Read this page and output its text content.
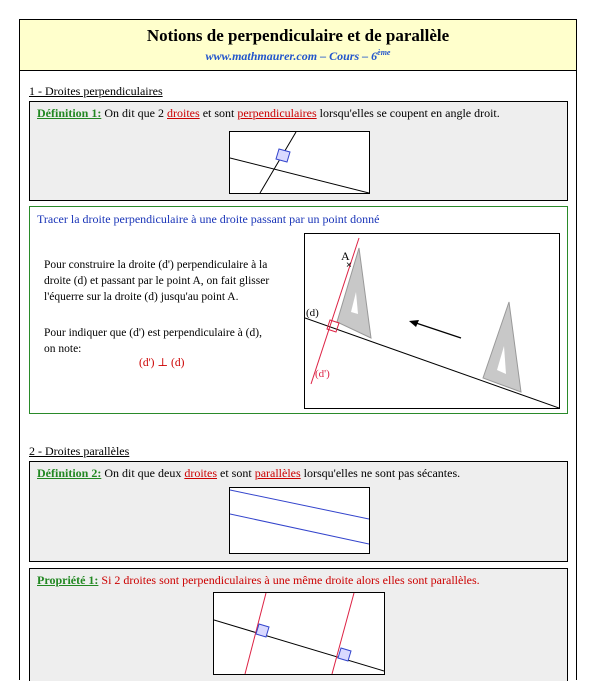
Notions de perpendiculaire et de parallèle
www.mathmaurer.com – Cours – 6ème
1 - Droites perpendiculaires
Définition 1: On dit que 2 droites et sont perpendiculaires lorsqu'elles se coupent en angle droit.
Tracer la droite perpendiculaire à une droite passant par un point donné
Pour construire la droite (d') perpendiculaire à la
droite (d) et passant par le point A, on fait glisser
l'équerre sur la droite (d) jusqu'au point A.
Pour indiquer que (d') est perpendiculaire à (d),
on note:
(d') ⊥ (d)
A
×
(d)
(d')
2 - Droites parallèles
Définition 2: On dit que deux droites et sont parallèles lorsqu'elles ne sont pas sécantes.
Propriété 1: Si 2 droites sont perpendiculaires à une même droite alors elles sont parallèles.
